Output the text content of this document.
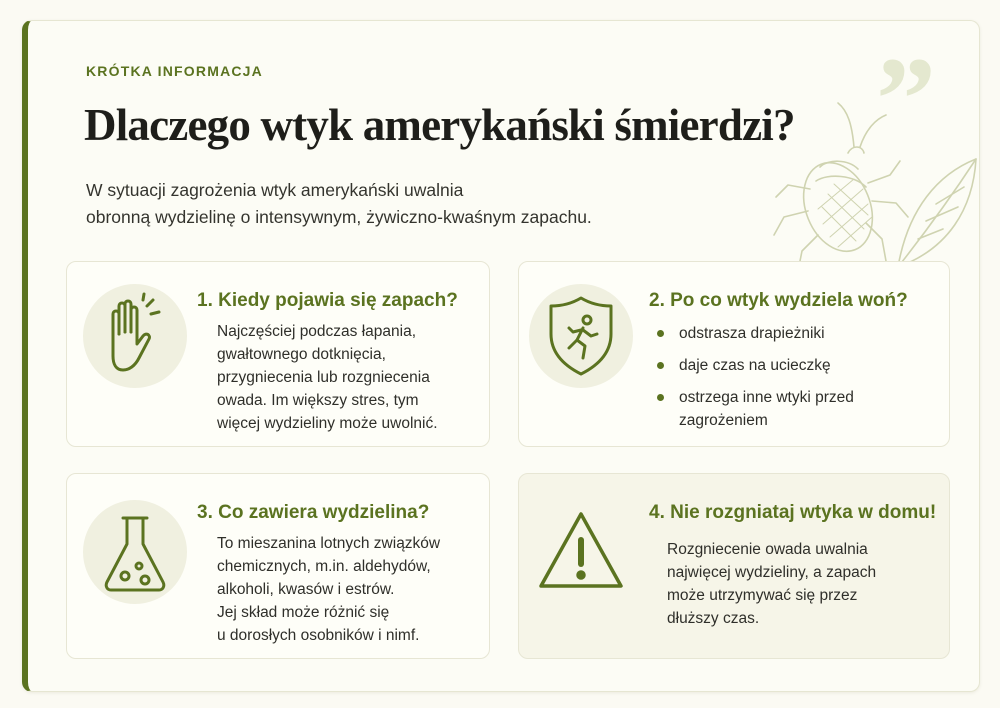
KRÓTKA INFORMACJA
Dlaczego wtyk amerykański śmierdzi?
W sytuacji zagrożenia wtyk amerykański uwalnia
obronną wydzielinę o intensywnym, żywiczno-kwaśnym zapachu.
”
1. Kiedy pojawia się zapach?
Najczęściej podczas łapania,
gwałtownego dotknięcia,
przygniecenia lub rozgniecenia
owada. Im większy stres, tym
więcej wydzieliny może uwolnić.
2. Po co wtyk wydziela woń?
odstrasza drapieżniki
daje czas na ucieczkę
ostrzega inne wtyki przed zagrożeniem
3. Co zawiera wydzielina?
To mieszanina lotnych związków
chemicznych, m.in. aldehydów,
alkoholi, kwasów i estrów.
Jej skład może różnić się
u dorosłych osobników i nimf.
4. Nie rozgniataj wtyka w domu!
Rozgniecenie owada uwalnia
najwięcej wydzieliny, a zapach
może utrzymywać się przez
dłuższy czas.
